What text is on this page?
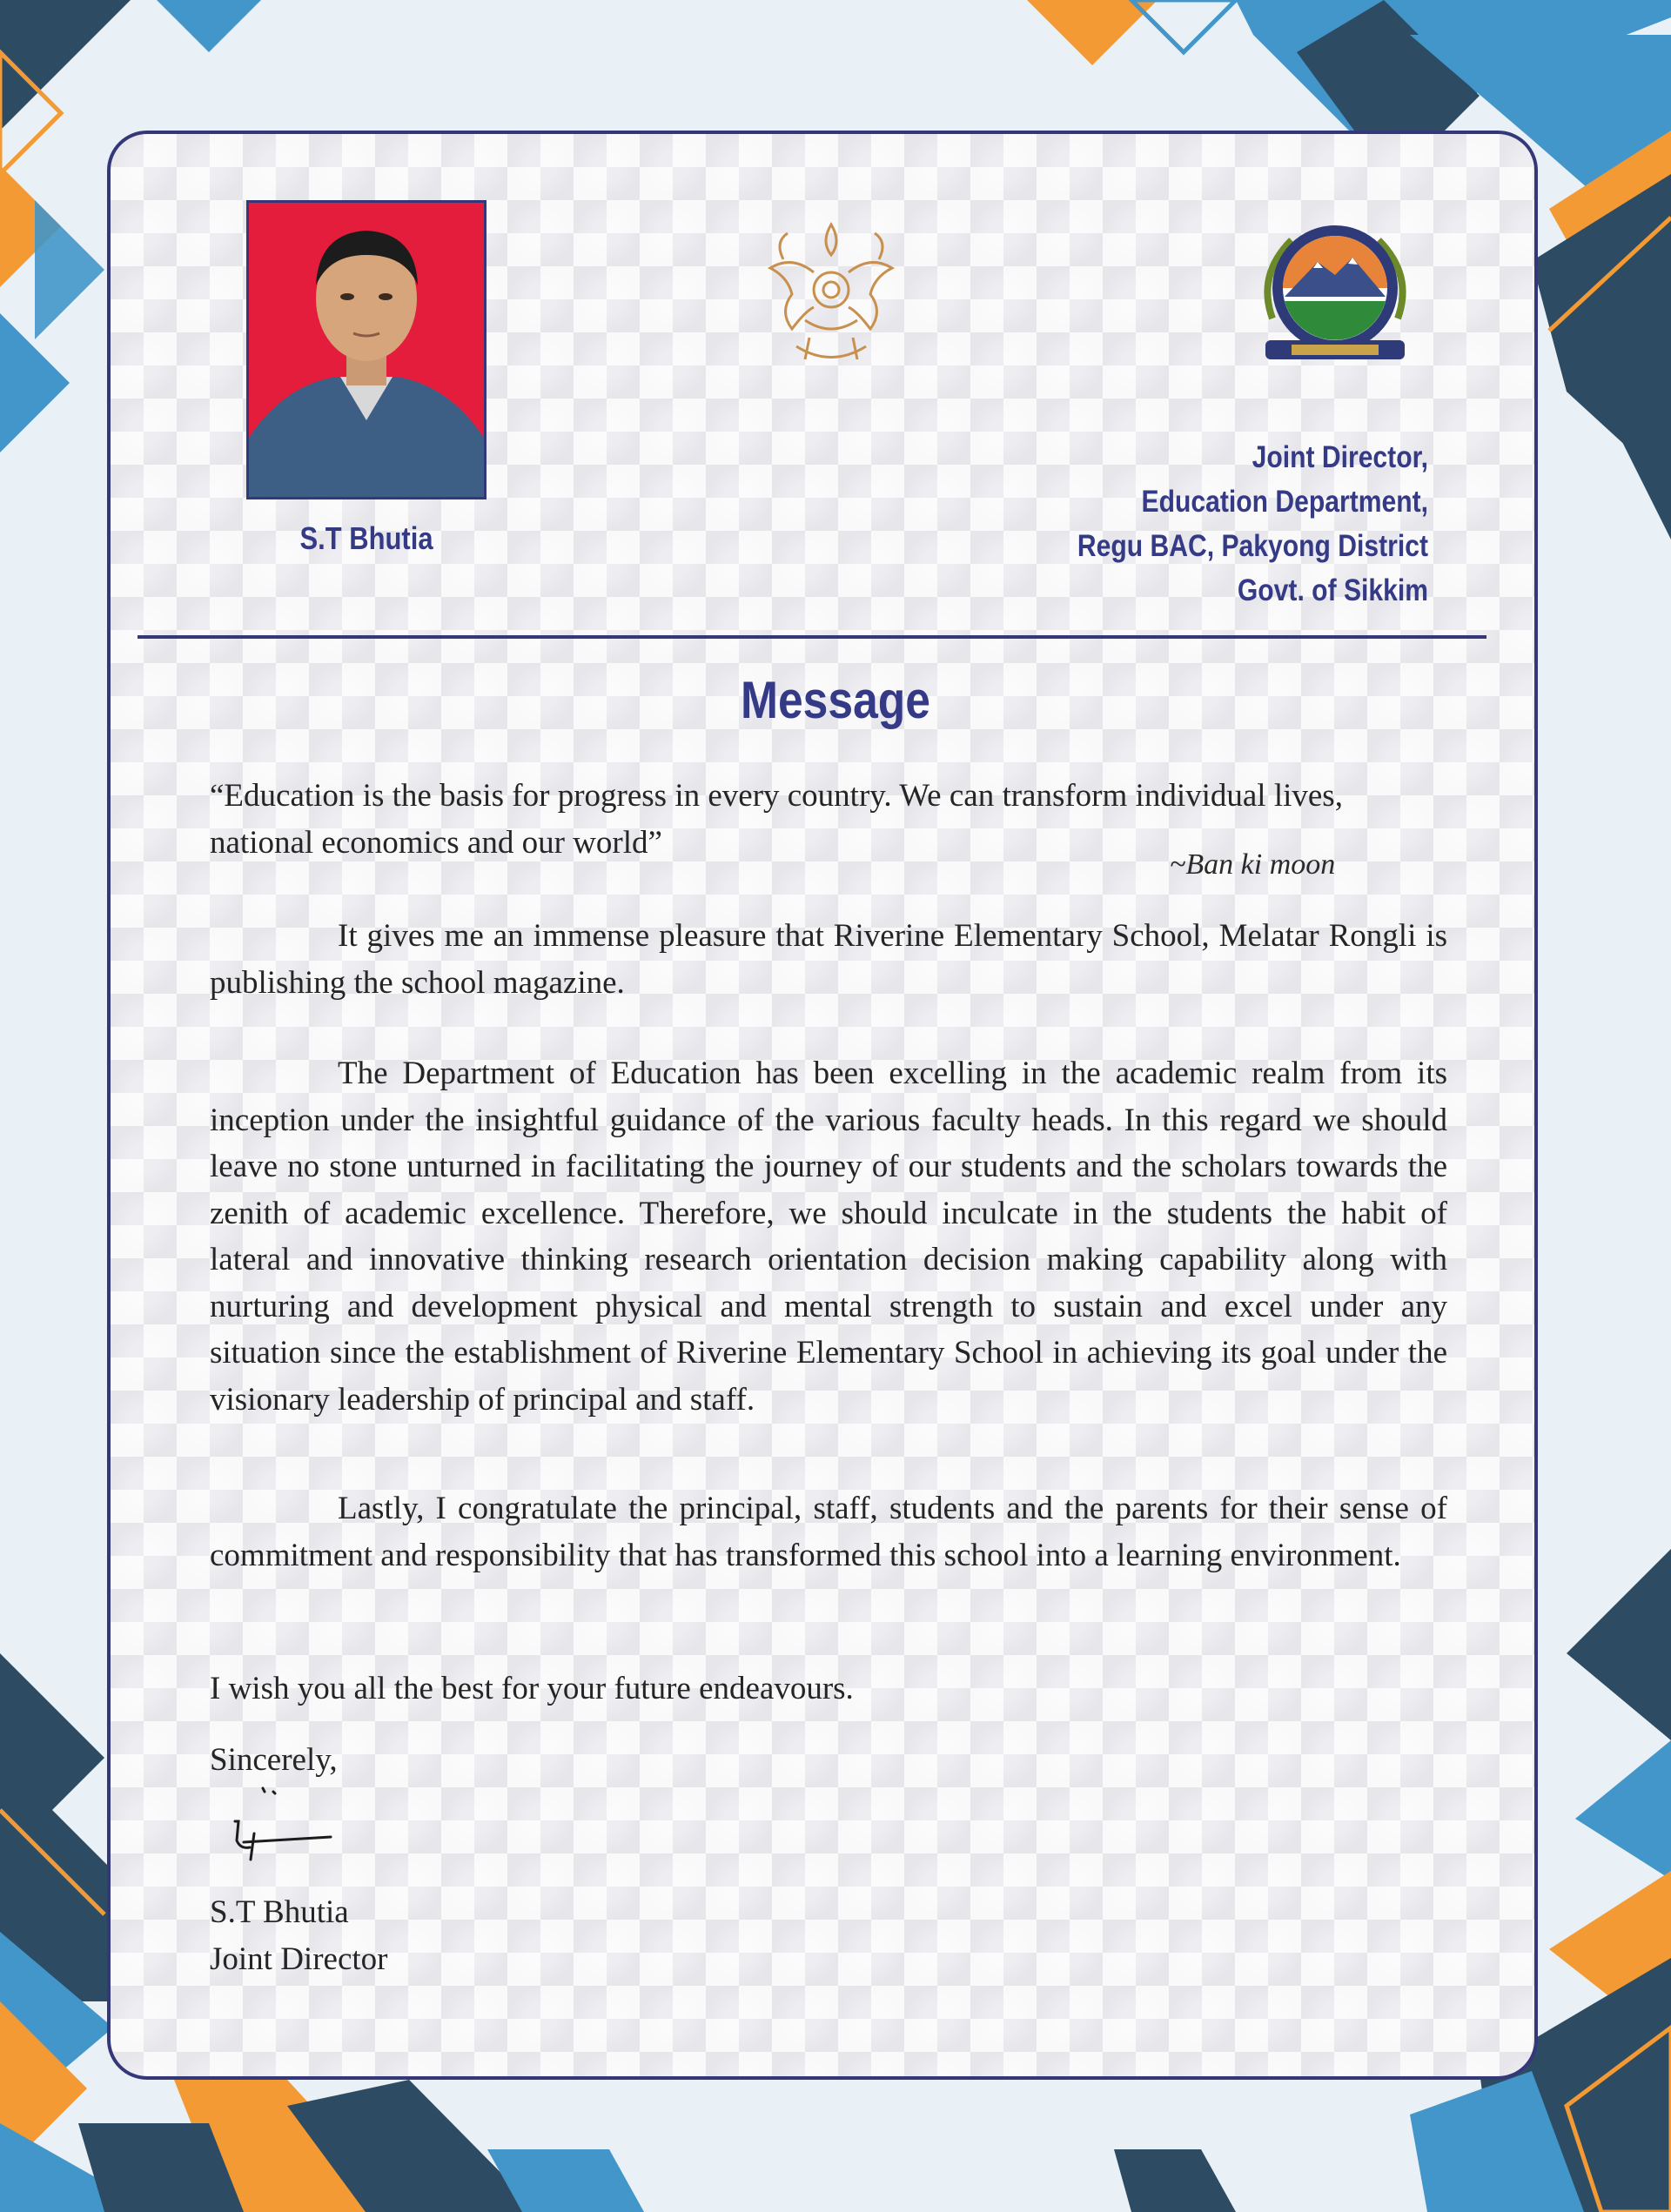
S.T Bhutia
Joint Director,
Education Department,
Regu BAC, Pakyong District
Govt. of Sikkim
Message
“Education is the basis for progress in every country. We can transform individual lives, national economics and our world”
~Ban ki moon

It gives me an immense pleasure that Riverine Elementary School, Melatar Rongli is publishing the school magazine.

The Department of Education has been excelling in the academic realm from its inception under the insightful guidance of the various faculty heads. In this regard we should leave no stone unturned in facilitating the journey of our students and the scholars towards the zenith of academic excellence. Therefore, we should inculcate in the students the habit of lateral and innovative thinking research orientation decision making capability along with nurturing and development physical and mental strength to sustain and excel under any situation since the establishment of Riverine Elementary School in achieving its goal under the visionary leadership of principal and staff.

Lastly, I congratulate the principal, staff, students and the parents for their sense of commitment and responsibility that has transformed this school into a learning environment.

I wish you all the best for your future endeavours.

Sincerely,

S.T Bhutia

Joint Director
